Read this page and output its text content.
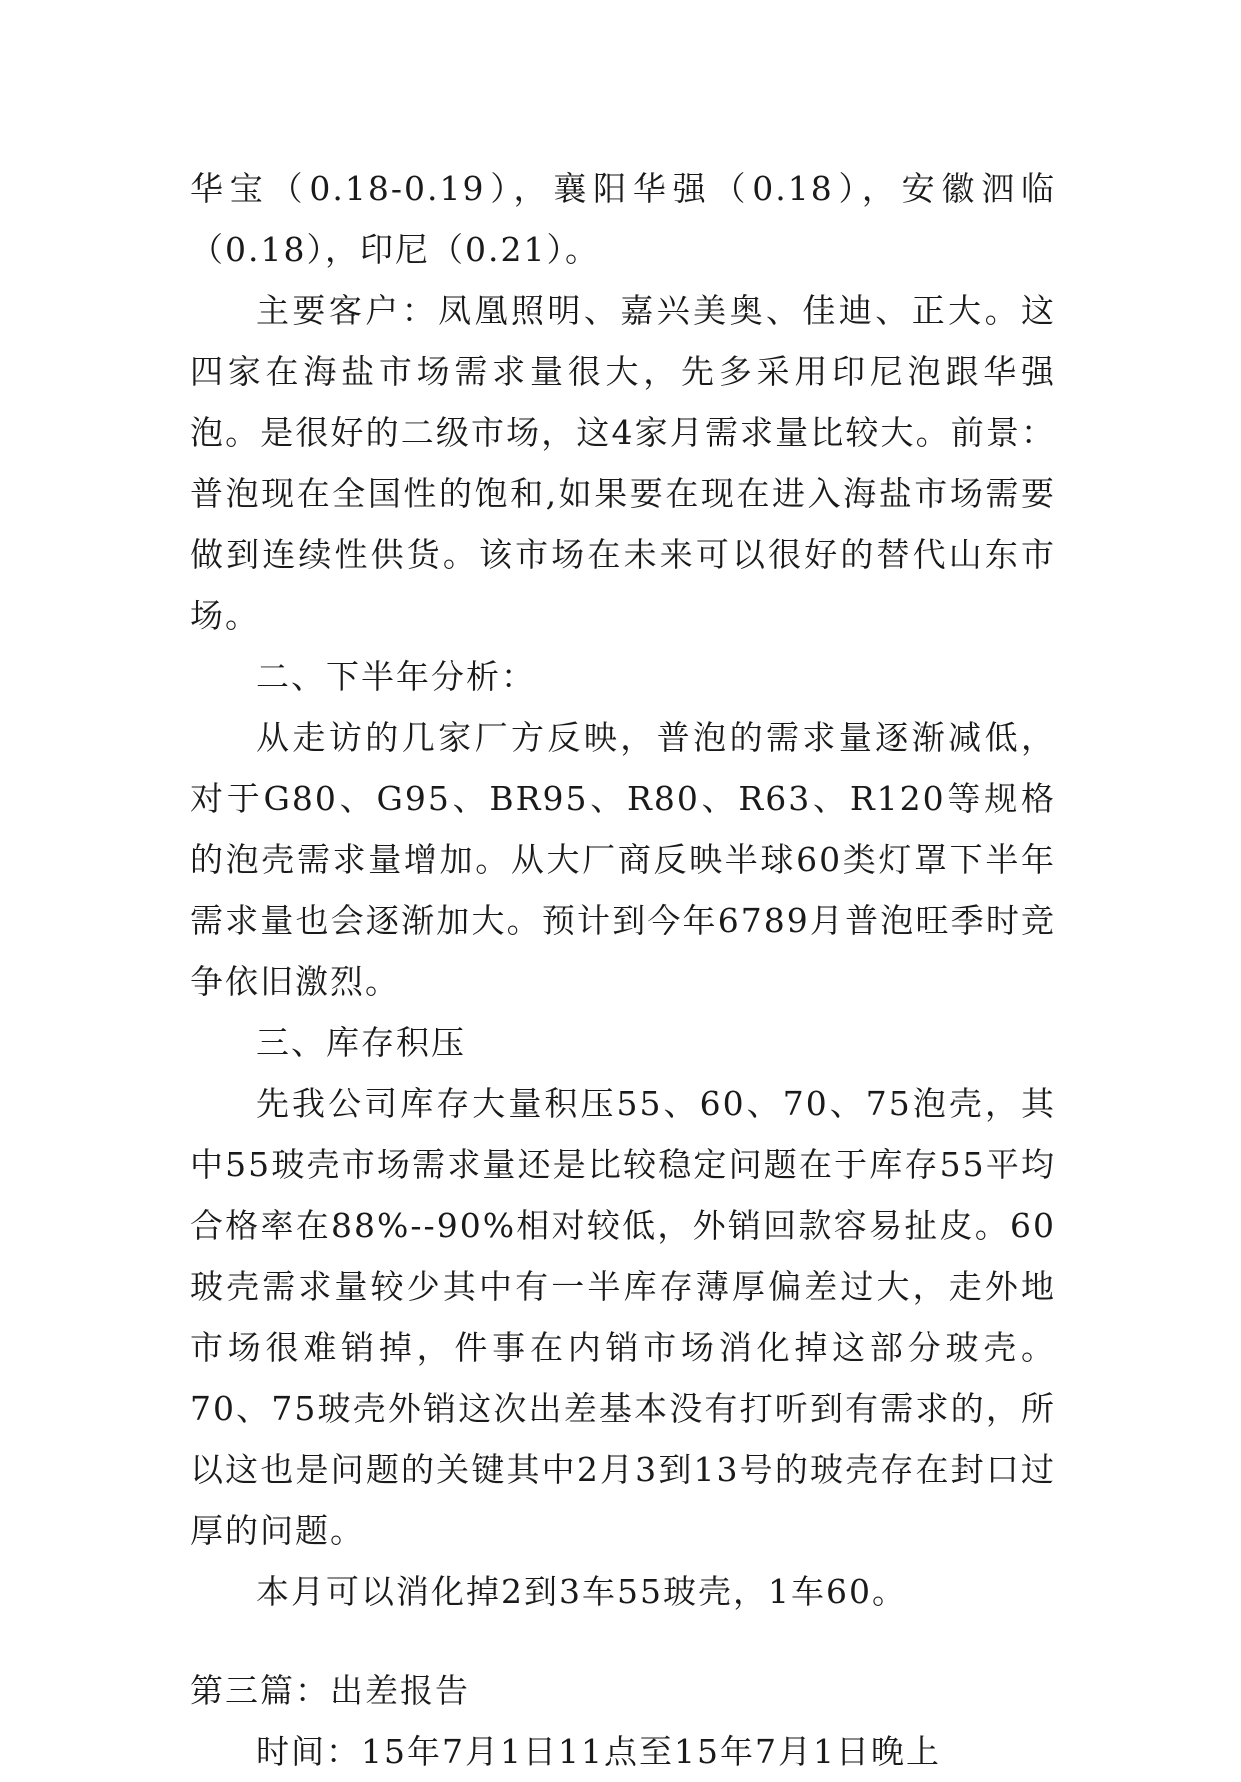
华宝（0.18-0.19），襄阳华强（0.18），安徽泗临（0.18），印尼（0.21）。

主要客户：凤凰照明、嘉兴美奥、佳迪、正大。这四家在海盐市场需求量很大，先多采用印尼泡跟华强泡。是很好的二级市场，这4家月需求量比较大。前景：普泡现在全国性的饱和,如果要在现在进入海盐市场需要做到连续性供货。该市场在未来可以很好的替代山东市场。

二、下半年分析：

从走访的几家厂方反映，普泡的需求量逐渐减低，对于G80、G95、BR95、R80、R63、R120等规格的泡壳需求量增加。从大厂商反映半球60类灯罩下半年需求量也会逐渐加大。预计到今年6789月普泡旺季时竞争依旧激烈。

三、库存积压

先我公司库存大量积压55、60、70、75泡壳，其中55玻壳市场需求量还是比较稳定问题在于库存55平均合格率在88%--90%相对较低，外销回款容易扯皮。60玻壳需求量较少其中有一半库存薄厚偏差过大，走外地市场很难销掉，件事在内销市场消化掉这部分玻壳。70、75玻壳外销这次出差基本没有打听到有需求的，所以这也是问题的关键其中2月3到13号的玻壳存在封口过厚的问题。

本月可以消化掉2到3车55玻壳，1车60。

第三篇：出差报告

时间：15年7月1日11点至15年7月1日晚上
